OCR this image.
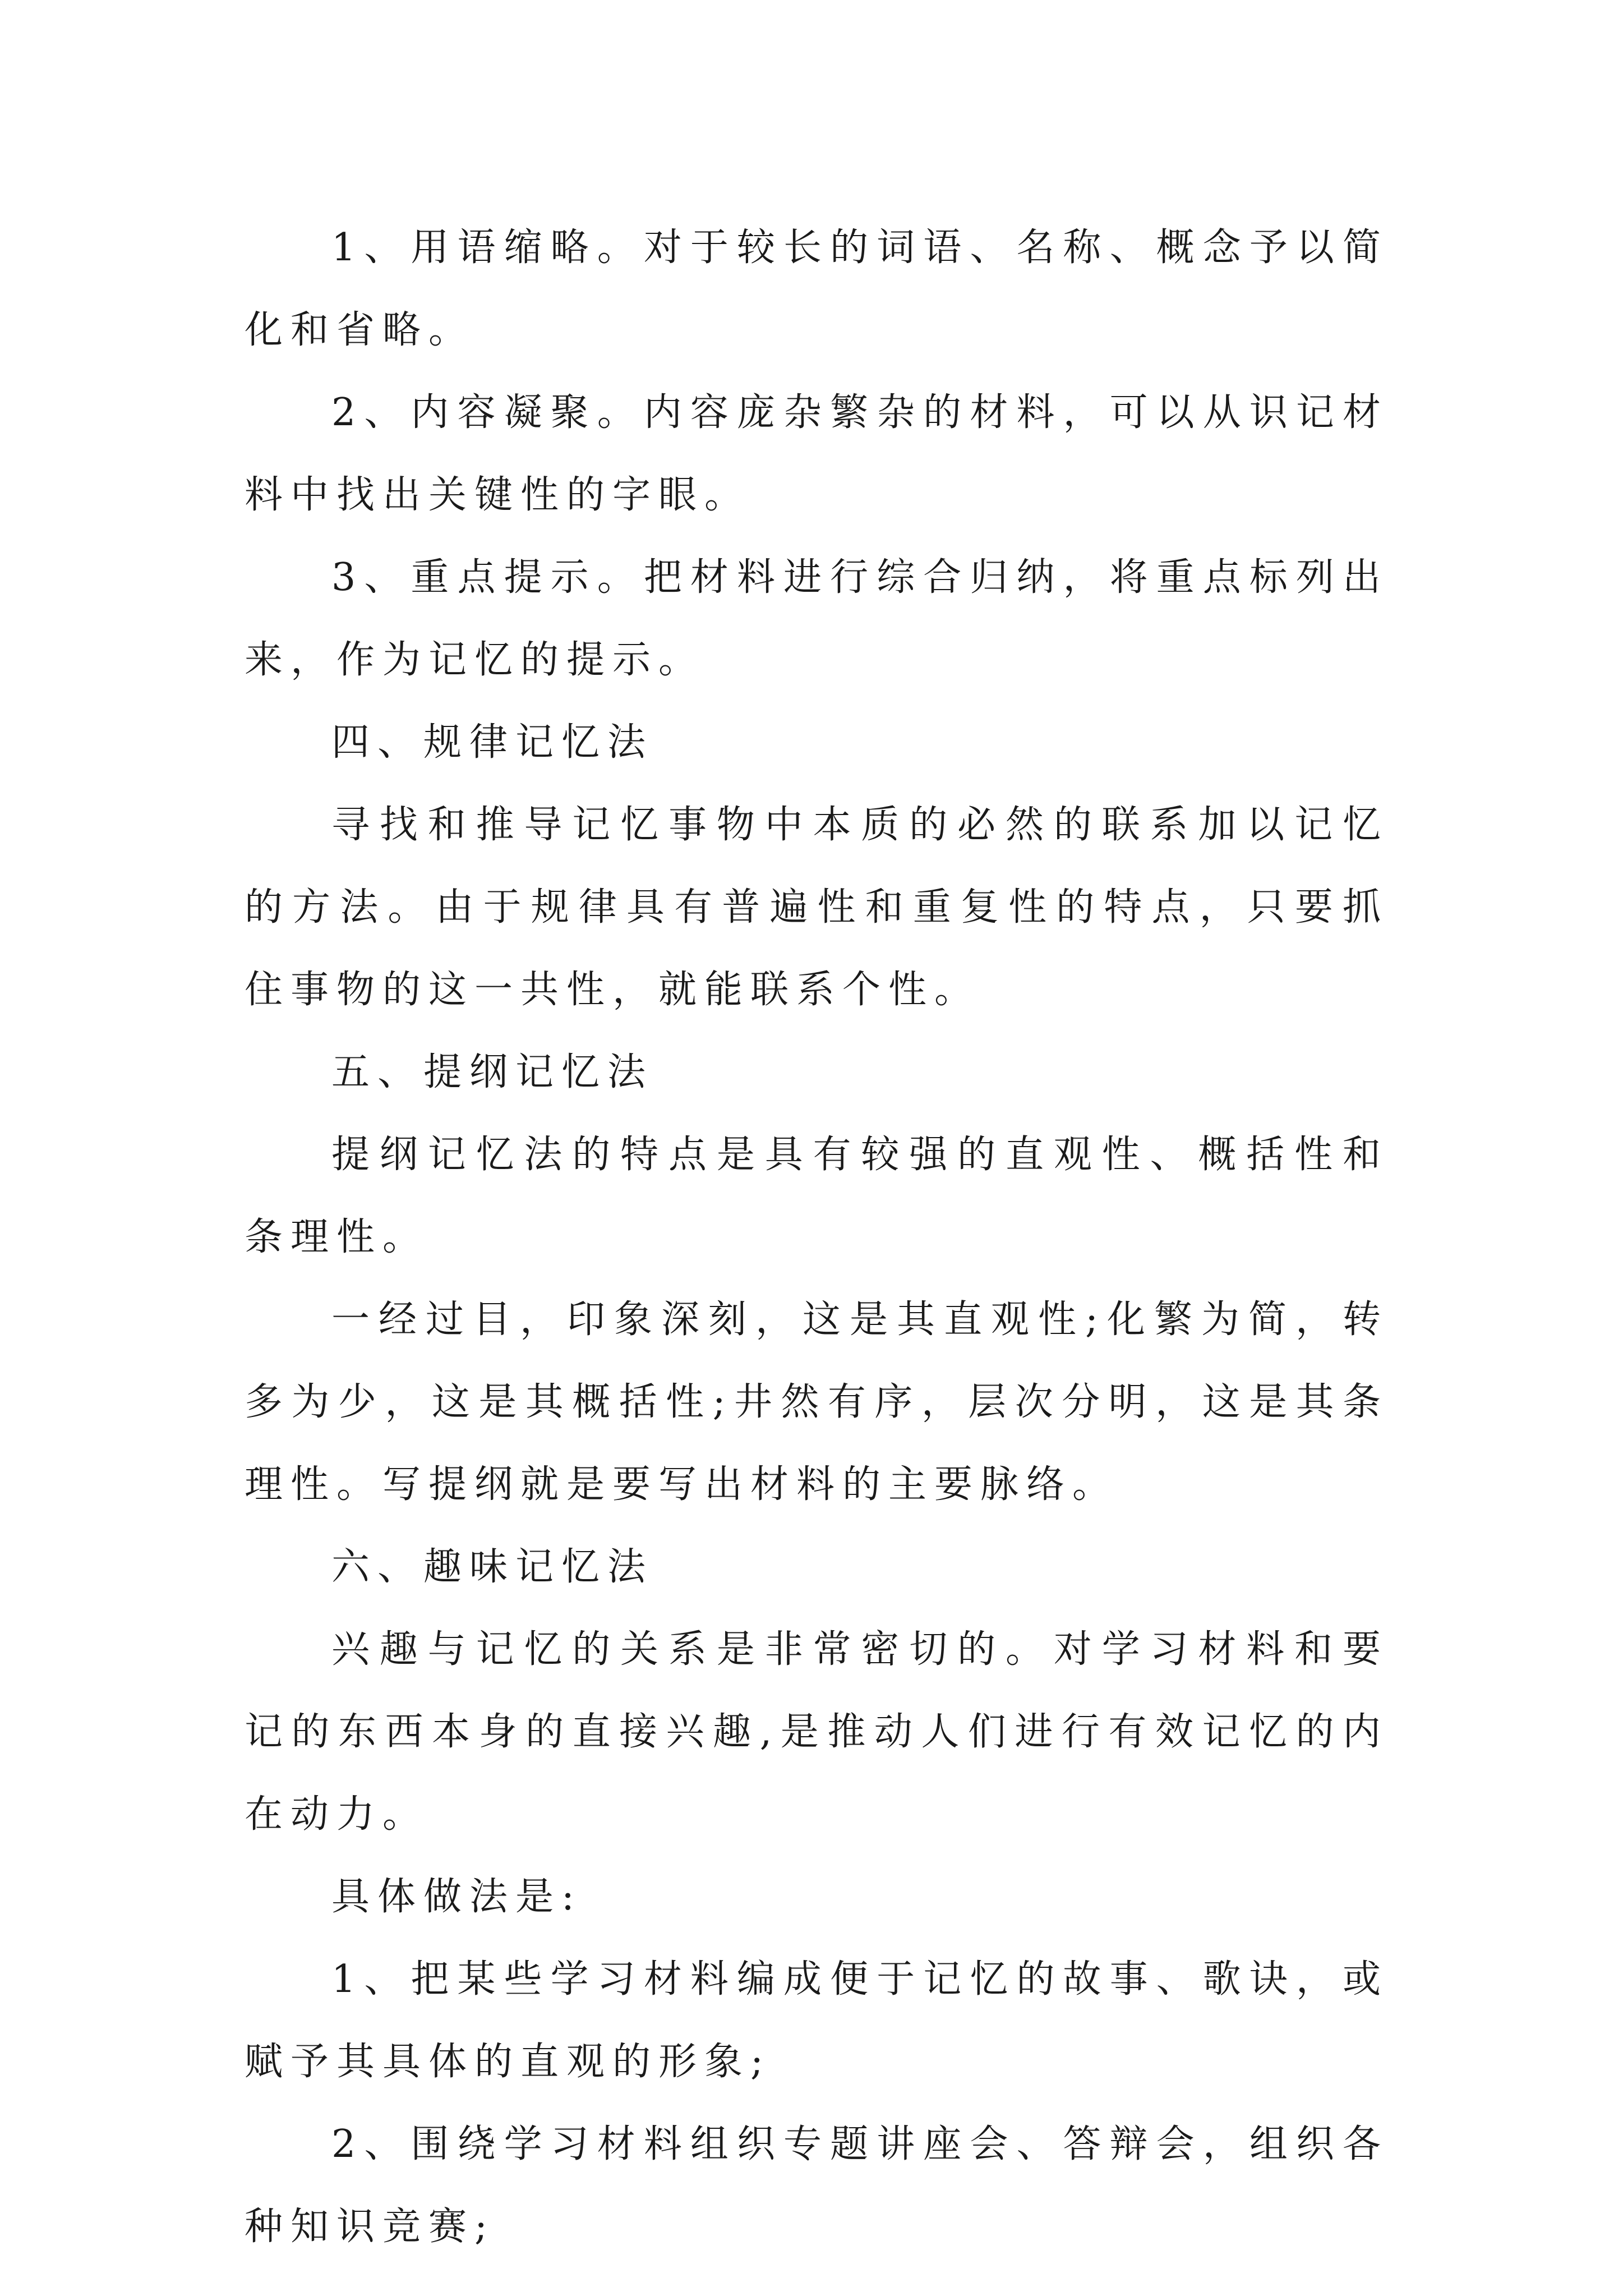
1、用语缩略。对于较长的词语、名称、概念予以简化和省略。

2、内容凝聚。内容庞杂繁杂的材料，可以从识记材料中找出关键性的字眼。

3、重点提示。把材料进行综合归纳，将重点标列出来，作为记忆的提示。

四、规律记忆法

寻找和推导记忆事物中本质的必然的联系加以记忆的方法。由于规律具有普遍性和重复性的特点，只要抓住事物的这一共性，就能联系个性。

五、提纲记忆法

提纲记忆法的特点是具有较强的直观性、概括性和条理性。

一经过目，印象深刻，这是其直观性;化繁为简，转多为少，这是其概括性;井然有序，层次分明，这是其条理性。写提纲就是要写出材料的主要脉络。

六、趣味记忆法

兴趣与记忆的关系是非常密切的。对学习材料和要记的东西本身的直接兴趣,是推动人们进行有效记忆的内在动力。

具体做法是:

1、把某些学习材料编成便于记忆的故事、歌诀，或赋予其具体的直观的形象;

2、围绕学习材料组织专题讲座会、答辩会，组织各种知识竞赛;
